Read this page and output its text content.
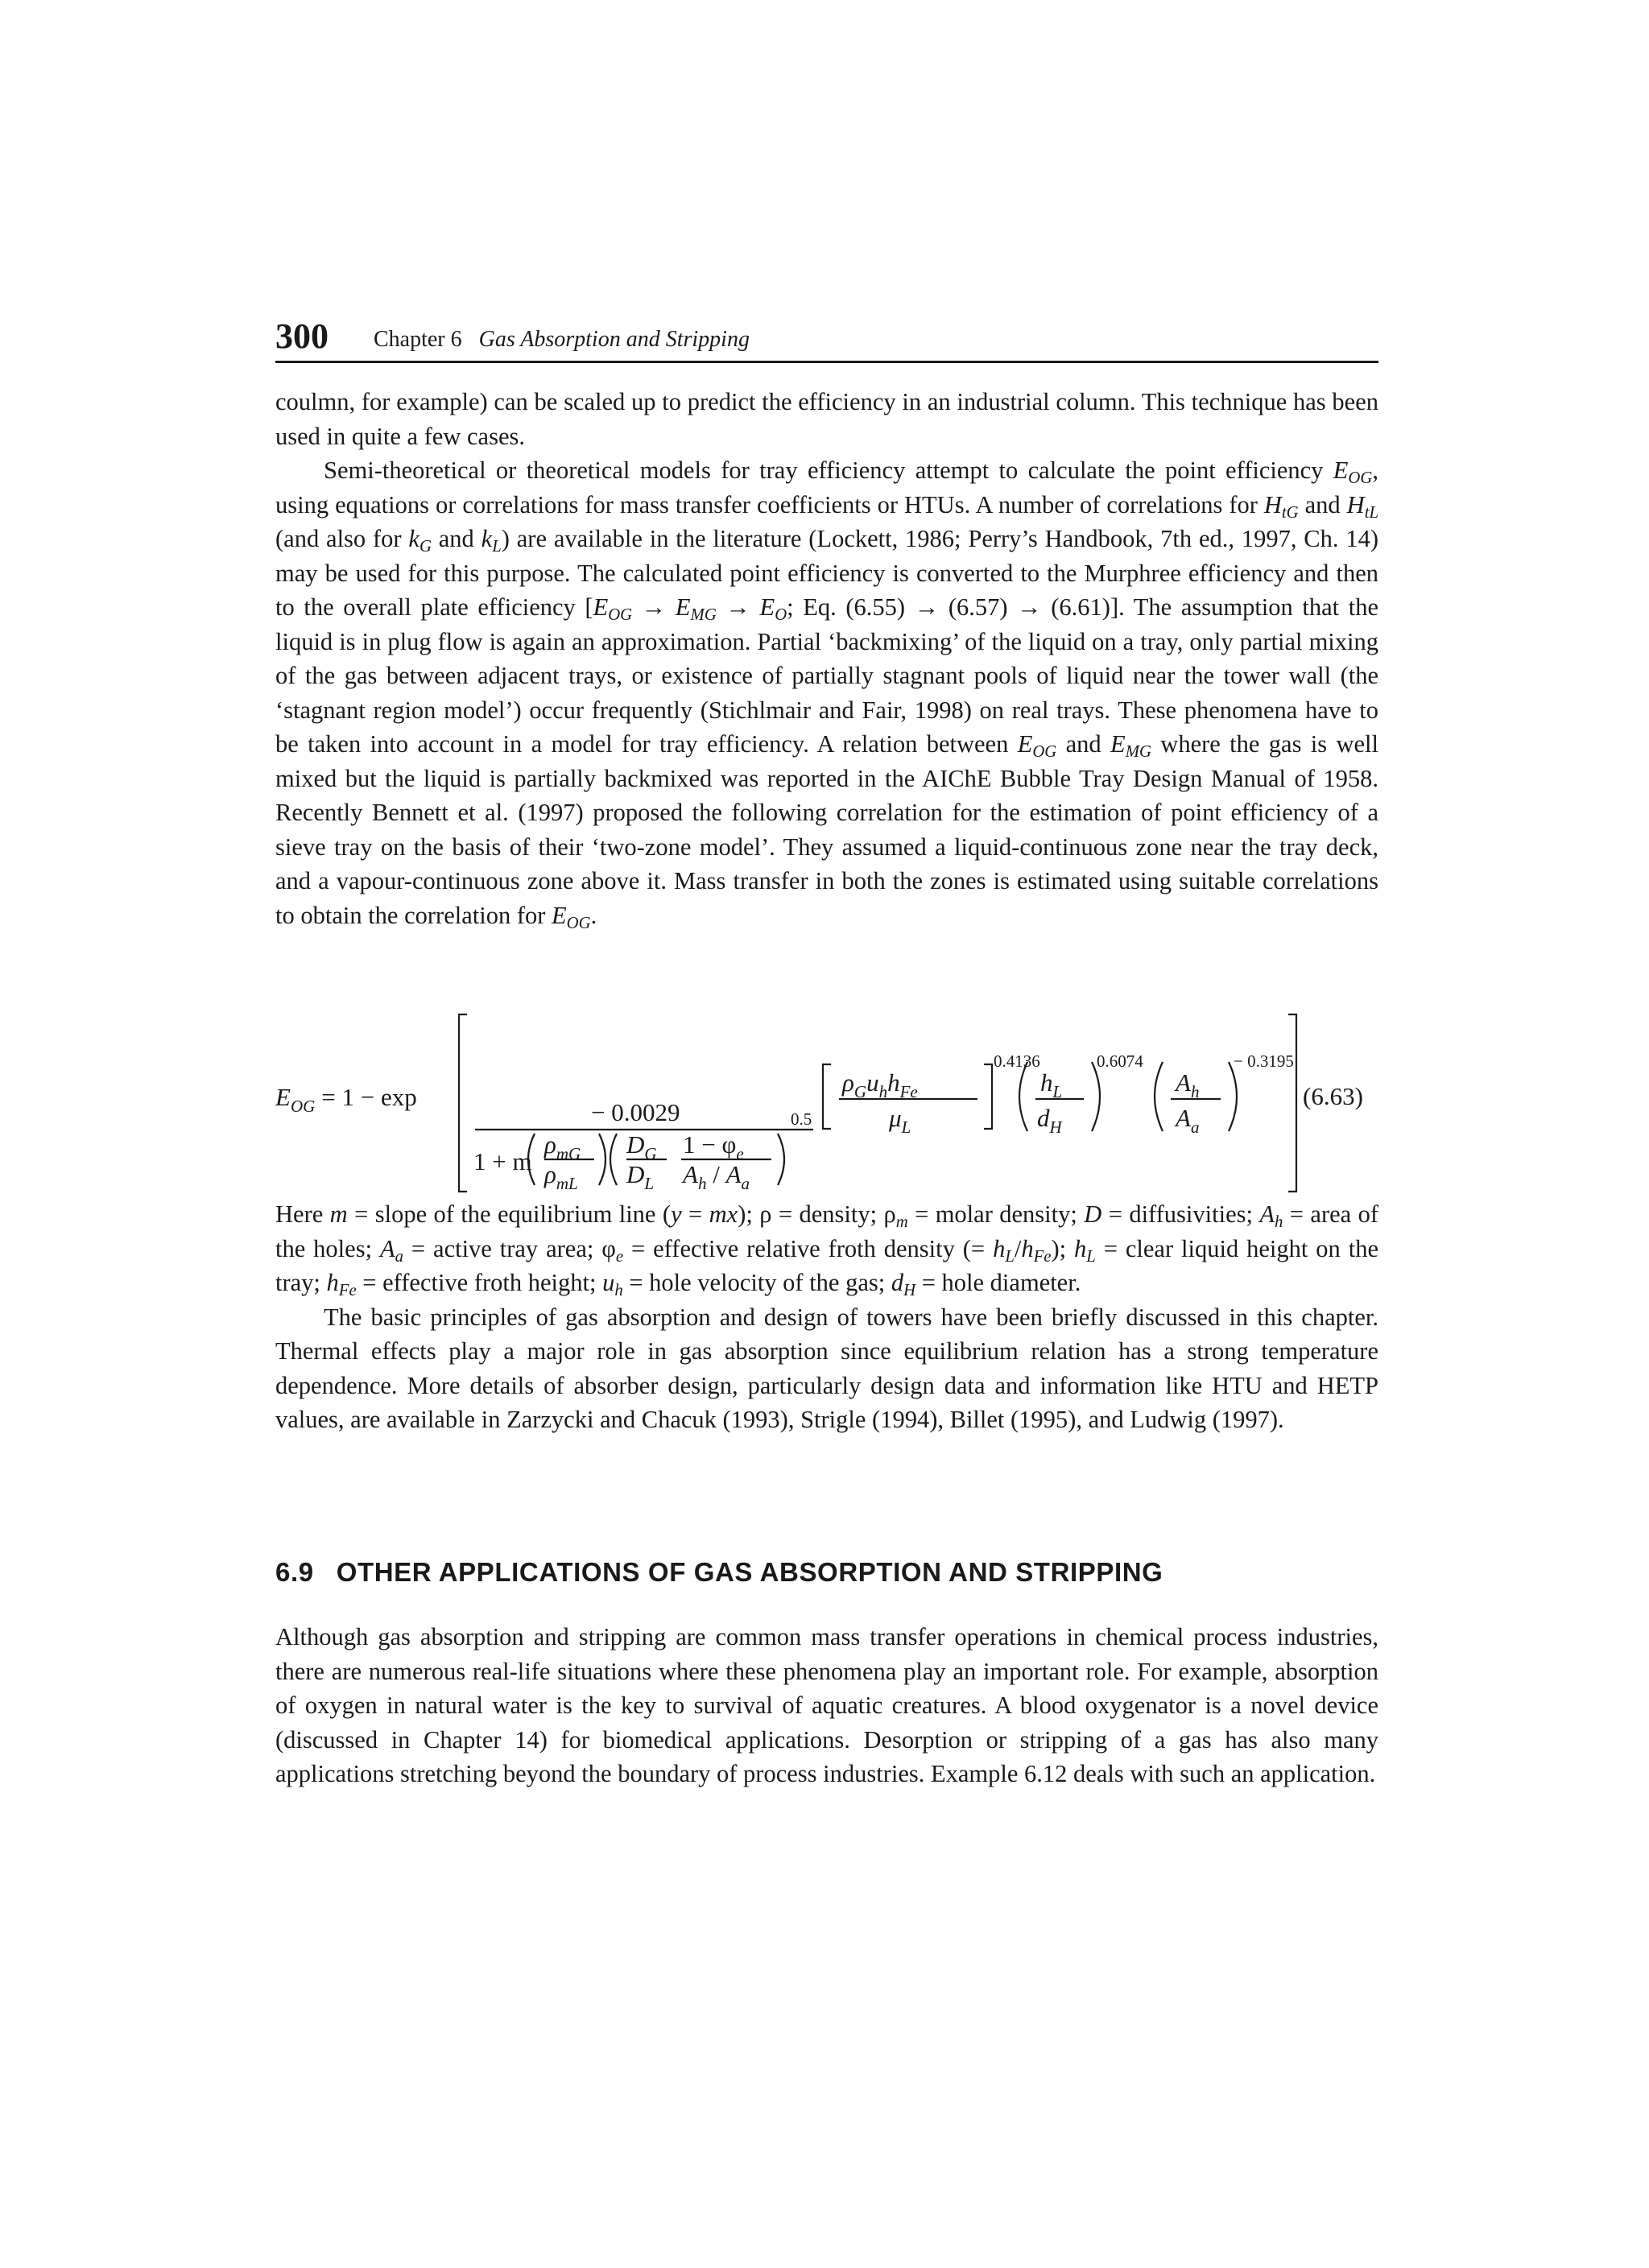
300 Chapter 6 Gas Absorption and Stripping

coulmn, for example) can be scaled up to predict the efficiency in an industrial column. This technique has been used in quite a few cases.

Semi-theoretical or theoretical models for tray efficiency attempt to calculate the point efficiency $E_{OG}$, using equations or correlations for mass transfer coefficients or HTUs. A number of correlations for $H_{tG}$ and $H_{tL}$ (and also for $k_G$ and $k_L$) are available in the literature (Lockett, 1986; Perry’s Handbook, 7th ed., 1997, Ch. 14) may be used for this purpose. The calculated point efficiency is converted to the Murphree efficiency and then to the overall plate efficiency [$E_{OG} \to E_{MG} \to E_O$; Eq. (6.55) → (6.57) → (6.61)]. The assumption that the liquid is in plug flow is again an approximation. Partial ‘backmixing’ of the liquid on a tray, only partial mixing of the gas between adjacent trays, or existence of partially stagnant pools of liquid near the tower wall (the ‘stagnant region model’) occur frequently (Stichlmair and Fair, 1998) on real trays. These phenomena have to be taken into account in a model for tray efficiency. A relation between $E_{OG}$ and $E_{MG}$ where the gas is well mixed but the liquid is partially backmixed was reported in the AIChE Bubble Tray Design Manual of 1958. Recently Bennett et al. (1997) proposed the following correlation for the estimation of point efficiency of a sieve tray on the basis of their ‘two-zone model’. They assumed a liquid-continuous zone near the tray deck, and a vapour-continuous zone above it. Mass transfer in both the zones is estimated using suitable correlations to obtain the correlation for $E_{OG}$.

$E_{OG} = 1 - \exp$
− 0.0029
1 + m
$\rho_{mG}$
$\rho_{mL}$
$D_G$
$D_L$
$1 - \varphi_e$
$A_h / A_a$
0.5
$\rho_Gu_hh_{Fe}$
$\mu_L$
0.4136
$h_L$
$d_H$
0.6074
$A_h$
$A_a$
− 0.3195
(6.63)

Here m = slope of the equilibrium line (y = mx); ρ = density; $\rho_m$ = molar density; D = diffusivities; $A_h$ = area of the holes; $A_a$ = active tray area; $\varphi_e$ = effective relative froth density (= $h_L/h_{Fe}$); $h_L$ = clear liquid height on the tray; $h_{Fe}$ = effective froth height; $u_h$ = hole velocity of the gas; $d_H$ = hole diameter.

The basic principles of gas absorption and design of towers have been briefly discussed in this chapter. Thermal effects play a major role in gas absorption since equilibrium relation has a strong temperature dependence. More details of absorber design, particularly design data and information like HTU and HETP values, are available in Zarzycki and Chacuk (1993), Strigle (1994), Billet (1995), and Ludwig (1997).

6.9 OTHER APPLICATIONS OF GAS ABSORPTION AND STRIPPING

Although gas absorption and stripping are common mass transfer operations in chemical process industries, there are numerous real-life situations where these phenomena play an important role. For example, absorption of oxygen in natural water is the key to survival of aquatic creatures. A blood oxygenator is a novel device (discussed in Chapter 14) for biomedical applications. Desorption or stripping of a gas has also many applications stretching beyond the boundary of process industries. Example 6.12 deals with such an application.
